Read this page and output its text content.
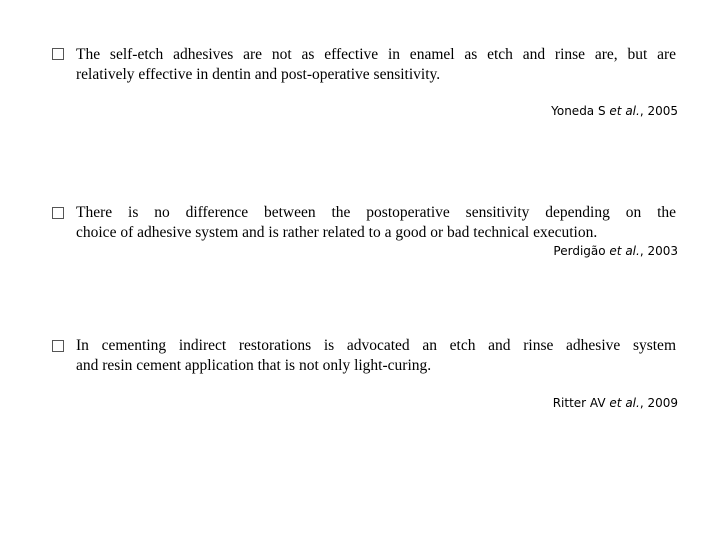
The self-etch adhesives are not as effective in enamel as etch and rinse are, but are
relatively effective in dentin and post-operative sensitivity.
Yoneda S et al., 2005
There is no difference between the postoperative sensitivity depending on the
choice of adhesive system and is rather related to a good or bad technical execution.
Perdigão et al., 2003
In cementing indirect restorations is advocated an etch and rinse adhesive system
and resin cement application that is not only light-curing.
Ritter AV et al., 2009
